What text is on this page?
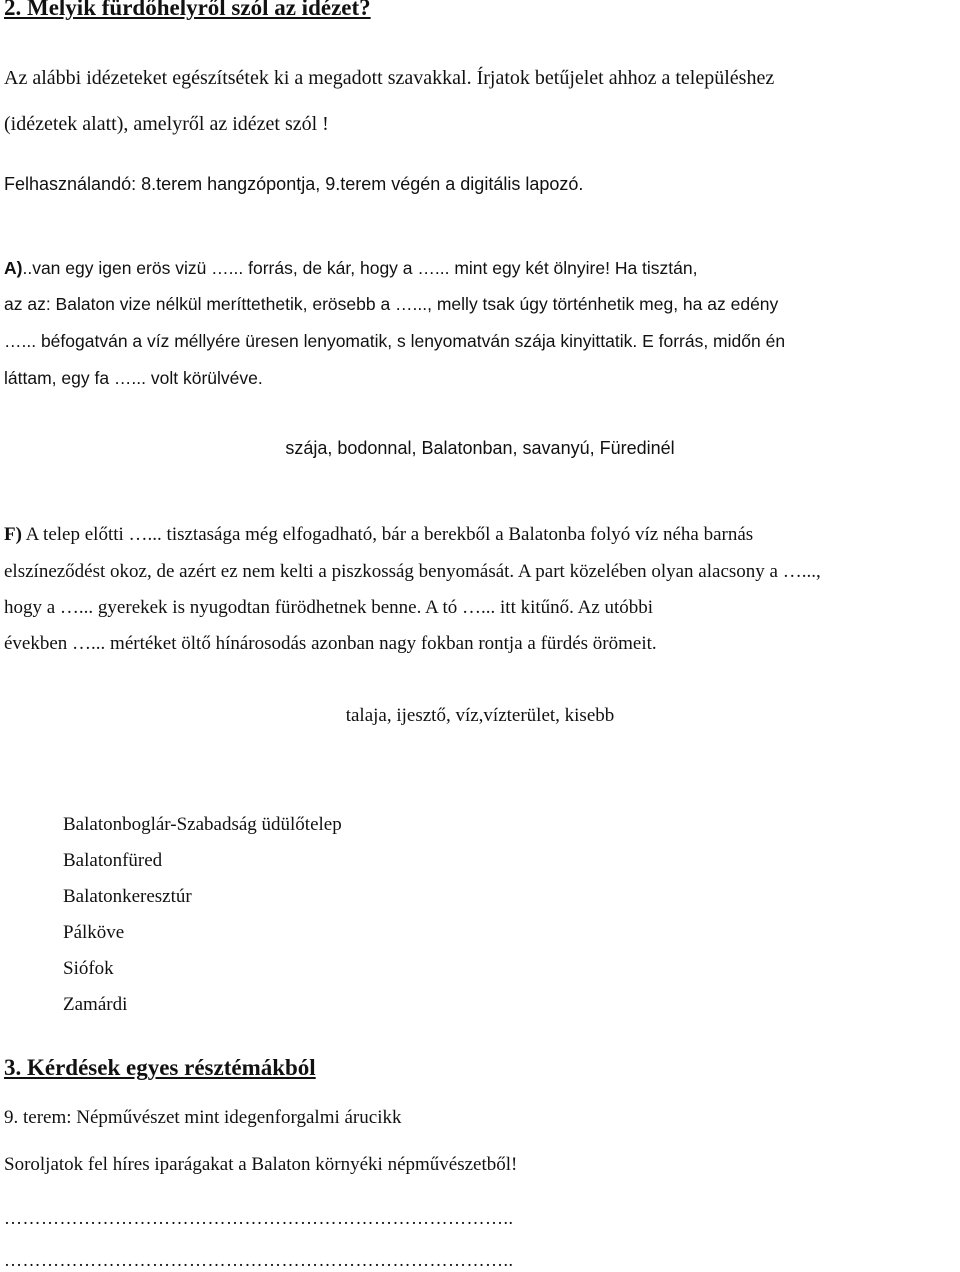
2. Melyik fürdőhelyről szól az idézet?

Az alábbi idézeteket egészítsétek ki a megadott szavakkal. Írjatok betűjelet ahhoz a településhez

(idézetek alatt), amelyről az idézet szól !

Felhasználandó: 8.terem hangzópontja, 9.terem végén a digitális lapozó.

A)..van egy igen erös vizü …... forrás, de kár, hogy a …... mint egy két ölnyire! Ha tisztán,

az az: Balaton vize nélkül meríttethetik, erösebb a …..., melly tsak úgy történhetik meg, ha az edény

…... béfogatván a víz méllyére üresen lenyomatik, s lenyomatván szája kinyittatik. E forrás, midőn én

láttam, egy fa …... volt körülvéve.

szája, bodonnal, Balatonban, savanyú, Füredinél

F) A telep előtti …... tisztasága még elfogadható, bár a berekből a Balatonba folyó víz néha barnás

elszíneződést okoz, de azért ez nem kelti a piszkosság benyomását. A part közelében olyan alacsony a …...,

hogy a …... gyerekek is nyugodtan fürödhetnek benne. A tó …... itt kitűnő. Az utóbbi

években …... mértéket öltő hínárosodás azonban nagy fokban rontja a fürdés örömeit.

talaja, ijesztő, víz,vízterület, kisebb

Balatonboglár-Szabadság üdülőtelep

Balatonfüred

Balatonkeresztúr

Pálköve

Siófok

Zamárdi

3. Kérdések egyes résztémákból

9. terem: Népművészet mint idegenforgalmi árucikk

Soroljatok fel híres iparágakat a Balaton környéki népművészetből!

………………………………………………………………………..
………………………………………………………………………..
